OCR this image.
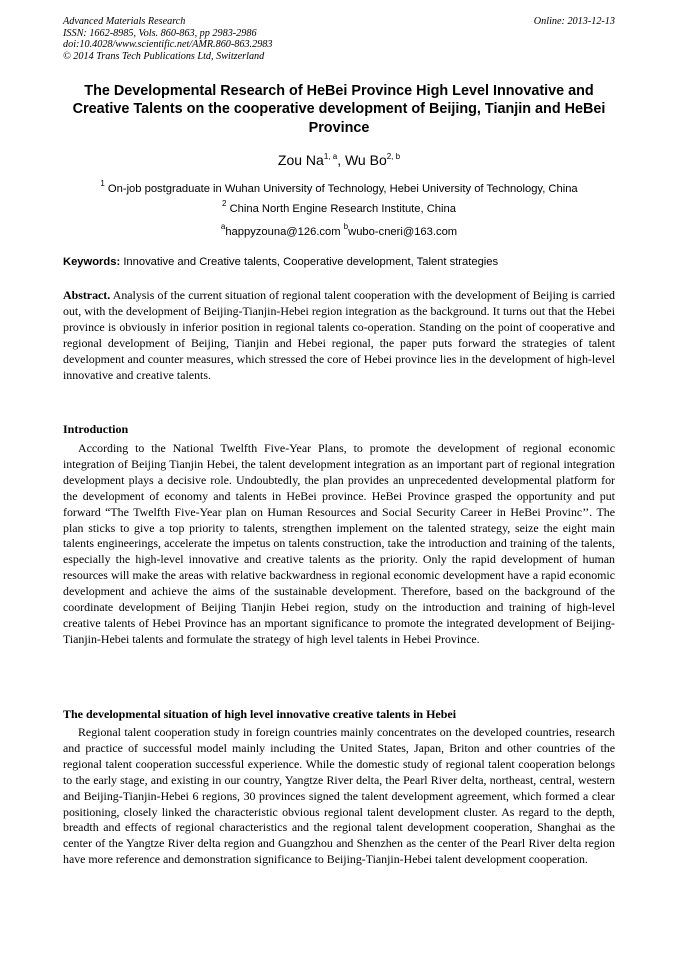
Advanced Materials Research
ISSN: 1662-8985, Vols. 860-863, pp 2983-2986
doi:10.4028/www.scientific.net/AMR.860-863.2983
© 2014 Trans Tech Publications Ltd, Switzerland
Online: 2013-12-13
The Developmental Research of HeBei Province High Level Innovative and Creative Talents on the cooperative development of Beijing, Tianjin and HeBei Province
Zou Na$^{1, a}$, Wu Bo$^{2, b}$
$^1$ On-job postgraduate in Wuhan University of Technology, Hebei University of Technology, China
$^2$ China North Engine Research Institute, China
$^a$happyzouna@126.com $^b$wubo-cneri@163.com
Keywords: Innovative and Creative talents, Cooperative development, Talent strategies
Abstract. Analysis of the current situation of regional talent cooperation with the development of Beijing is carried out, with the development of Beijing-Tianjin-Hebei region integration as the background. It turns out that the Hebei province is obviously in inferior position in regional talents co-operation. Standing on the point of cooperative and regional development of Beijing, Tianjin and Hebei regional, the paper puts forward the strategies of talent development and counter measures, which stressed the core of Hebei province lies in the development of high-level innovative and creative talents.
Introduction
According to the National Twelfth Five-Year Plans, to promote the development of regional economic integration of Beijing Tianjin Hebei, the talent development integration as an important part of regional integration development plays a decisive role. Undoubtedly, the plan provides an unprecedented developmental platform for the development of economy and talents in HeBei province. HeBei Province grasped the opportunity and put forward “The Twelfth Five-Year plan on Human Resources and Social Security Career in HeBei Provinc’’. The plan sticks to give a top priority to talents, strengthen implement on the talented strategy, seize the eight main talents engineerings, accelerate the impetus on talents construction, take the introduction and training of the talents, especially the high-level innovative and creative talents as the priority. Only the rapid development of human resources will make the areas with relative backwardness in regional economic development have a rapid economic development and achieve the aims of the sustainable development. Therefore, based on the background of the coordinate development of Beijing Tianjin Hebei region, study on the introduction and training of high-level creative talents of Hebei Province has an mportant significance to promote the integrated development of Beijing-Tianjin-Hebei talents and formulate the strategy of high level talents in Hebei Province.
The developmental situation of high level innovative creative talents in Hebei
Regional talent cooperation study in foreign countries mainly concentrates on the developed countries, research and practice of successful model mainly including the United States, Japan, Briton and other countries of the regional talent cooperation successful experience. While the domestic study of regional talent cooperation belongs to the early stage, and existing in our country, Yangtze River delta, the Pearl River delta, northeast, central, western and Beijing-Tianjin-Hebei 6 regions, 30 provinces signed the talent development agreement, which formed a clear positioning, closely linked the characteristic obvious regional talent development cluster. As regard to the depth, breadth and effects of regional characteristics and the regional talent development cooperation, Shanghai as the center of the Yangtze River delta region and Guangzhou and Shenzhen as the center of the Pearl River delta region have more reference and demonstration significance to Beijing-Tianjin-Hebei talent development cooperation.
